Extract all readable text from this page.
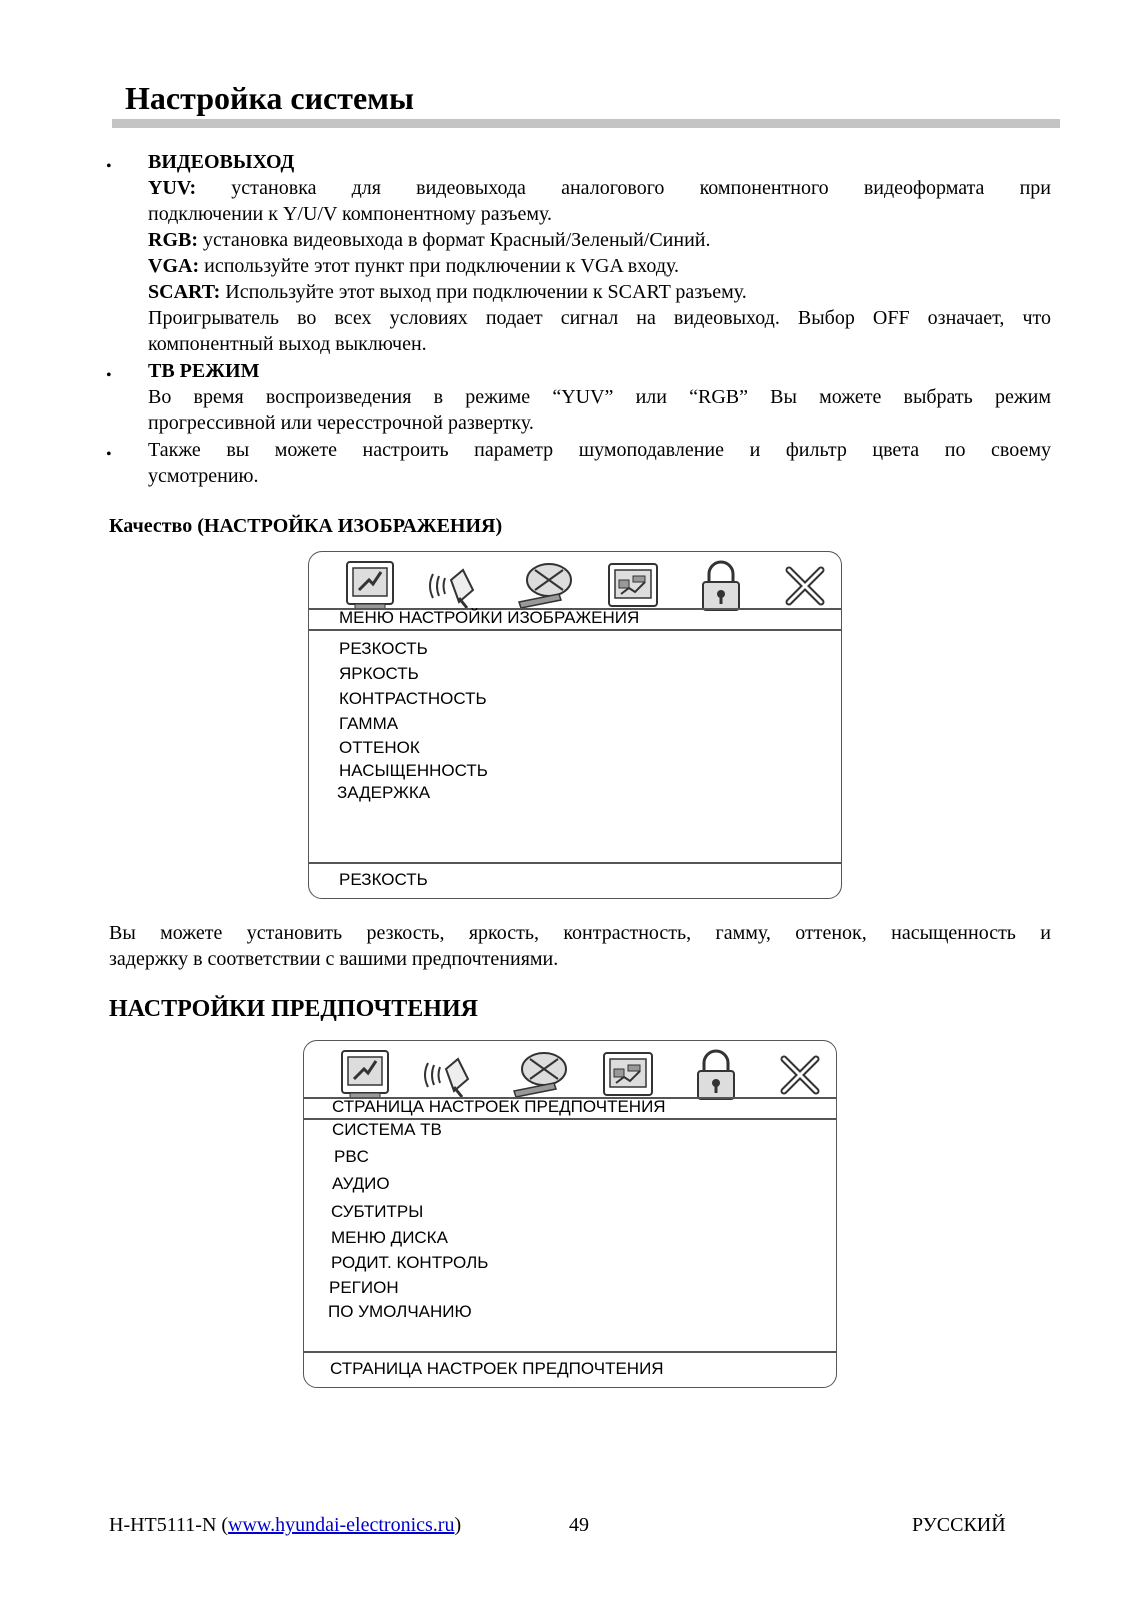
Настройка системы
• ВИДЕОВЫХОД
YUV: установка для видеовыхода аналогового компонентного видеоформата при
подключении к Y/U/V компонентному разъему.
RGB: установка видеовыхода в формат Красный/Зеленый/Синий.
VGA: используйте этот пункт при подключении к VGA входу.
SCART: Используйте этот выход при подключении к SCART разъему.
Проигрыватель во всех условиях подает сигнал на видеовыход. Выбор OFF означает, что
компонентный выход выключен.
• ТВ РЕЖИМ
Во время воспроизведения в режиме “YUV” или “RGB” Вы можете выбрать режим
прогрессивной или чересстрочной развертку.
• Также вы можете настроить параметр шумоподавление и фильтр цвета по своему
усмотрению.
Качество (НАСТРОЙКА ИЗОБРАЖЕНИЯ)
МЕНЮ НАСТРОЙКИ ИЗОБРАЖЕНИЯ
РЕЗКОСТЬ
ЯРКОСТЬ
КОНТРАСТНОСТЬ
ГАММА
ОТТЕНОК
НАСЫЩЕННОСТЬ
ЗАДЕРЖКА
РЕЗКОСТЬ
Вы можете установить резкость, яркость, контрастность, гамму, оттенок, насыщенность и
задержку в соответствии с вашими предпочтениями.
НАСТРОЙКИ ПРЕДПОЧТЕНИЯ
СТРАНИЦА НАСТРОЕК ПРЕДПОЧТЕНИЯ
СИСТЕМА ТВ
PBC
АУДИО
СУБТИТРЫ
МЕНЮ ДИСКА
РОДИТ. КОНТРОЛЬ
РЕГИОН
ПО УМОЛЧАНИЮ
СТРАНИЦА НАСТРОЕК ПРЕДПОЧТЕНИЯ
H-HT5111-N (www.hyundai-electronics.ru)	49	РУССКИЙ
